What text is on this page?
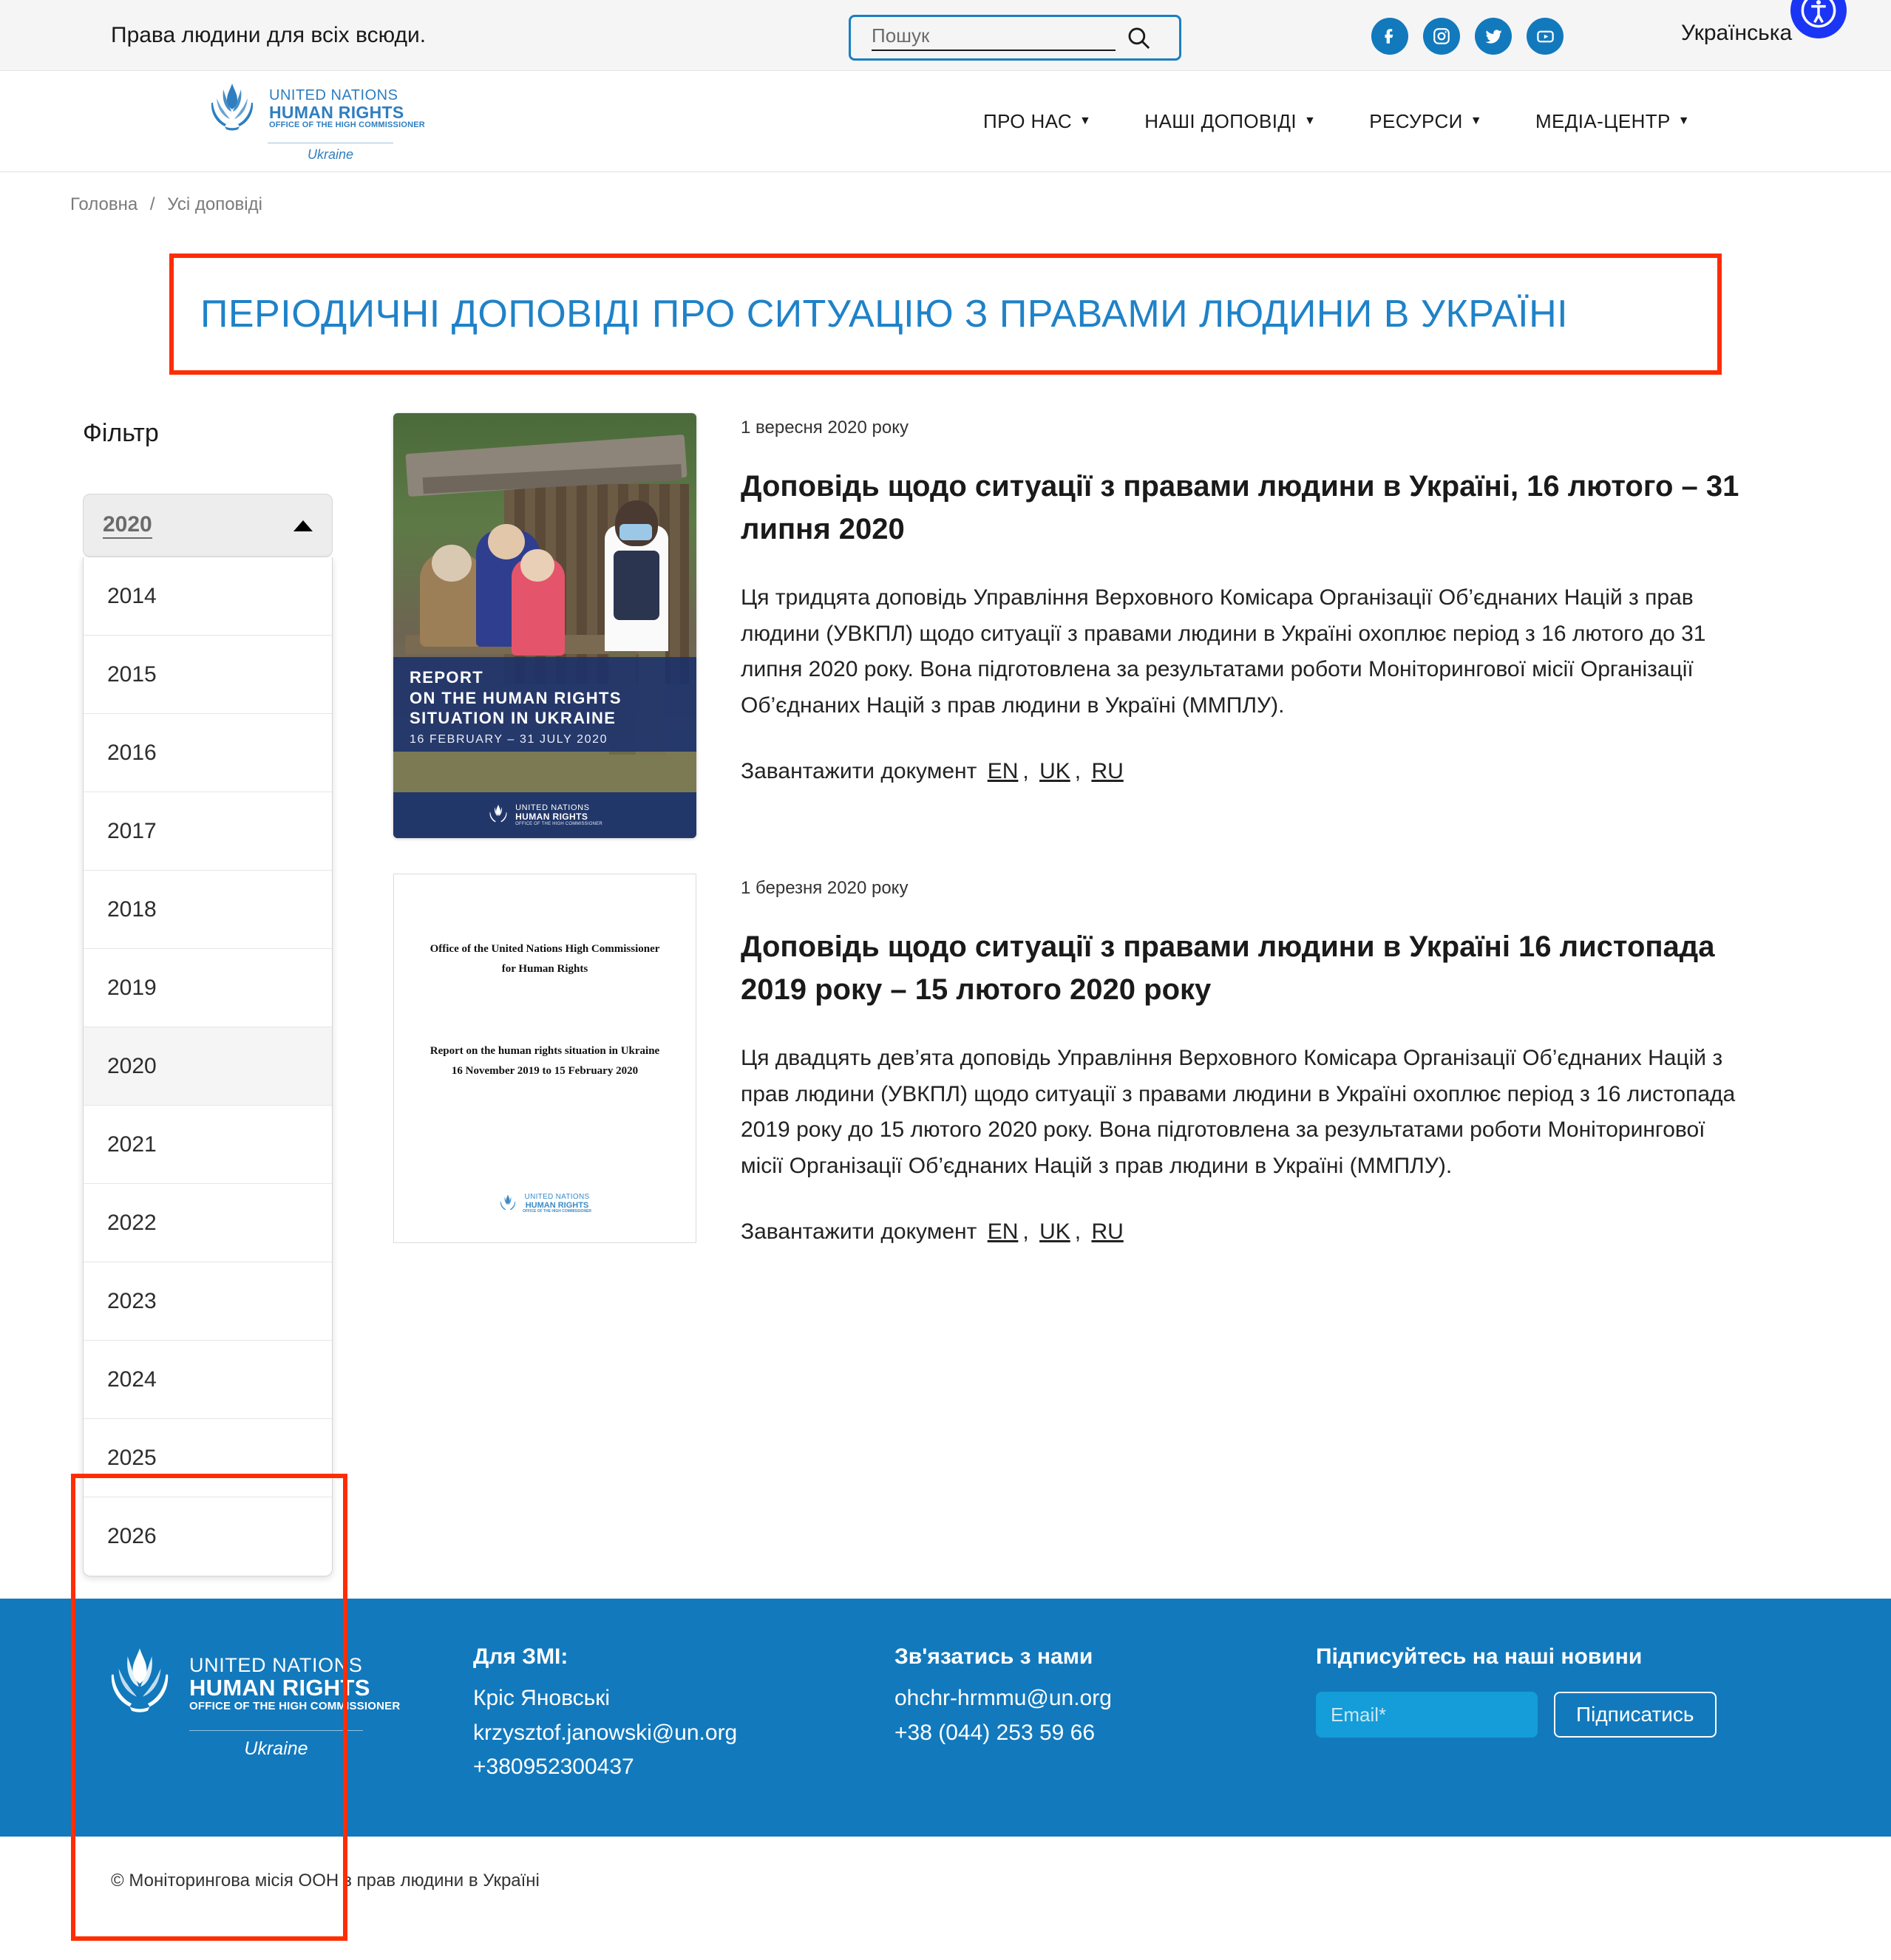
Права людини для всіх всюди.
Пошук	Українська
UNITED NATIONS
HUMAN RIGHTS
OFFICE OF THE HIGH COMMISSIONER
Ukraine
ПРО НАС ▼	НАШІ ДОПОВІДІ ▼	РЕСУРСИ ▼	МЕДІА-ЦЕНТР ▼
Головна / Усі доповіді
ПЕРІОДИЧНІ ДОПОВІДІ ПРО СИТУАЦІЮ З ПРАВАМИ ЛЮДИНИ В УКРАЇНІ
Фільтр
2020
2014
2015
2016
2017
2018
2019
2020
2021
2022
2023
2024
2025
2026
REPORT
ON THE HUMAN RIGHTS
SITUATION IN UKRAINE
16 FEBRUARY – 31 JULY 2020
UNITED NATIONS
HUMAN RIGHTS
OFFICE OF THE HIGH COMMISSIONER
1 вересня 2020 року
Доповідь щодо ситуації з правами людини в Україні, 16 лютого – 31 липня 2020

Ця тридцята доповідь Управління Верховного Комісара Організації Об’єднаних Націй з прав людини (УВКПЛ) щодо ситуації з правами людини в Україні охоплює період з 16 лютого до 31 липня 2020 року. Вона підготовлена за результатами роботи Моніторингової місії Організації Об’єднаних Націй з прав людини в Україні (ММПЛУ).

Завантажити документ EN , UK , RU
Office of the United Nations High Commissioner
for Human Rights
Report on the human rights situation in Ukraine
16 November 2019 to 15 February 2020
UNITED NATIONS
HUMAN RIGHTS
OFFICE OF THE HIGH COMMISSIONER
1 березня 2020 року
Доповідь щодо ситуації з правами людини в Україні 16 листопада 2019 року – 15 лютого 2020 року

Ця двадцять дев’ята доповідь Управління Верховного Комісара Організації Об’єднаних Націй з прав людини (УВКПЛ) щодо ситуації з правами людини в Україні охоплює період з 16 листопада 2019 року до 15 лютого 2020 року. Вона підготовлена за результатами роботи Моніторингової місії Організації Об’єднаних Націй з прав людини в Україні (ММПЛУ).

Завантажити документ EN , UK , RU
UNITED NATIONS
HUMAN RIGHTS
OFFICE OF THE HIGH COMMISSIONER
Ukraine
Для ЗМІ:
Кріс Яновські
krzysztof.janowski@un.org
+380952300437
Зв'язатись з нами
ohchr-hrmmu@un.org
+38 (044) 253 59 66
Підписуйтесь на наші новини
Email*
Підписатись
© Моніторингова місія ООН з прав людини в Україні
